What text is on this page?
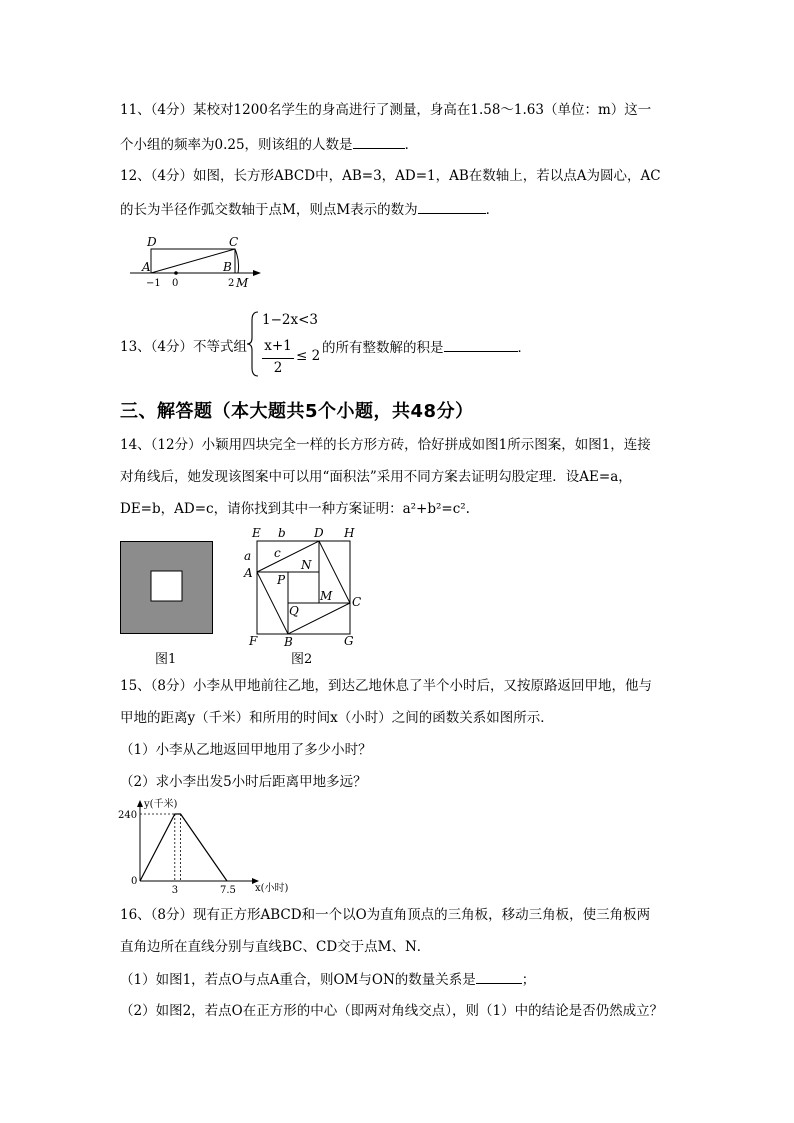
11、（4分）某校对1200名学生的身高进行了测量，身高在1.58～1.63（单位：m）这一
个小组的频率为0.25，则该组的人数是	．
12、（4分）如图，长方形ABCD中，AB=3，AD=1，AB在数轴上，若以点A为圆心，AC
的长为半径作弧交数轴于点M，则点M表示的数为	．
D	C
A	B
−1 0	2 M
13、（4分）不等式组
1−2x<3
x+1
2
≤ 2 的所有整数解的积是	．
三、解答题（本大题共5个小题，共48分）
14、（12分）小颖用四块完全一样的长方形方砖，恰好拼成如图1所示图案，如图1，连接
对角线后，她发现该图案中可以用“面积法”采用不同方案去证明勾股定理．设AE=a，
DE=b，AD=c，请你找到其中一种方案证明：a²+b²=c².
图1
E b D H
a c
A
N
P
M C
Q
F B	G
图2
15、（8分）小李从甲地前往乙地，到达乙地休息了半个小时后，又按原路返回甲地，他与
甲地的距离y（千米）和所用的时间x（小时）之间的函数关系如图所示．
（1）小李从乙地返回甲地用了多少小时？
（2）求小李出发5小时后距离甲地多远？
0
3	7.5
240
y(千米)
x(小时)
16、（8分）现有正方形ABCD和一个以O为直角顶点的三角板，移动三角板，使三角板两
直角边所在直线分别与直线BC、CD交于点M、N．
（1）如图1，若点O与点A重合，则OM与ON的数量关系是	；
（2）如图2，若点O在正方形的中心（即两对角线交点），则（1）中的结论是否仍然成立？
